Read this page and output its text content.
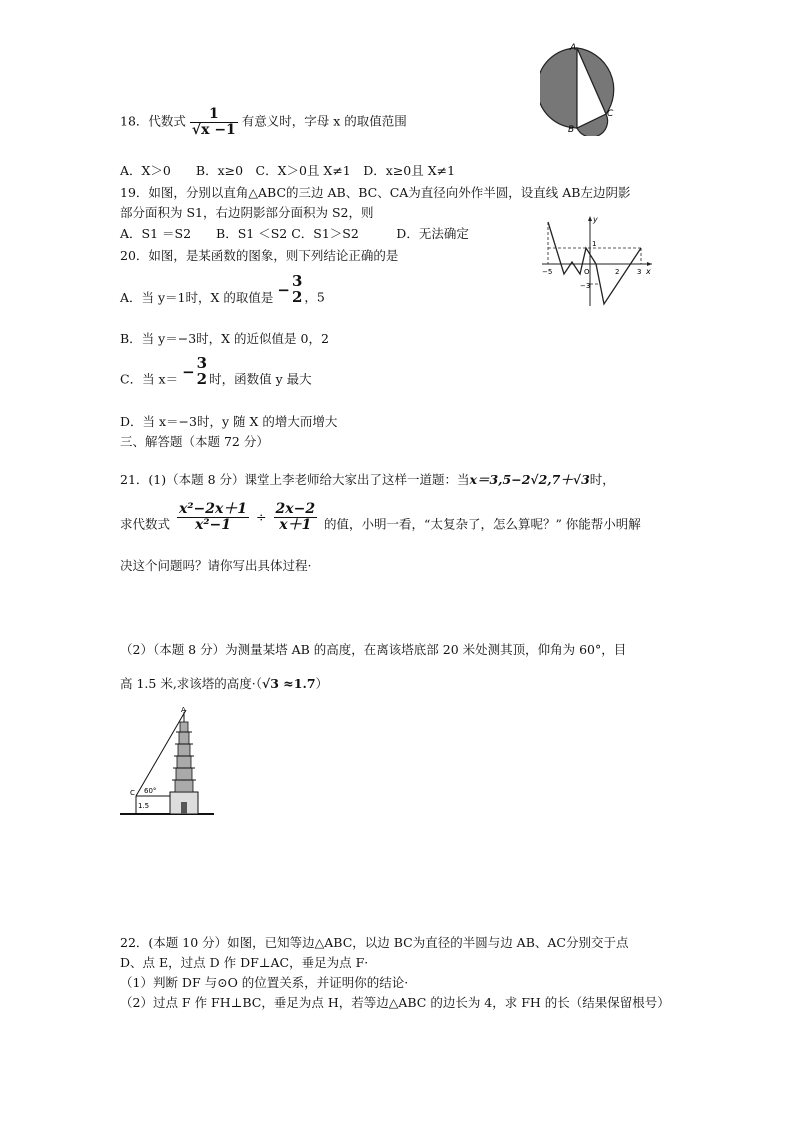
A
B
C
18．代数式 $\frac{1}{√x -1}$ 有意义时，字母 x 的取值范围
A．X＞0　　B．x≥0　C．X＞0且 X≠1　D．x≥0且 X≠1
19．如图，分别以直角△ABC的三边 AB、BC、CA为直径向外作半圆，设直线 AB左边阴影
部分面积为 S1，右边阴影部分面积为 S2，则
A．S1 ＝S2　　B．S1 ＜S2 C．S1＞S2　　　D．无法确定
y
x
−5	2	3
1
−3
O
20．如图，是某函数的图象，则下列结论正确的是
A．当 y＝1时，X 的取值是 − 3
2 ，5
B．当 y＝−3时，X 的近似值是 0，2
C．当 x＝ − 3
2 时，函数值 y 最大
D．当 x＝−3时，y 随 X 的增大而增大
三、解答题（本题 72 分）
21．(1)（本题 8 分）课堂上李老师给大家出了这样一道题：当x＝3,5−2√2,7＋√3时，
求代数式 $\frac{\text{x²−2x＋1}}{\text{x²−1}} \div \frac{2x-2}{x+1}$ 的值，小明一看，“太复杂了，怎么算呢？” 你能帮小明解
决这个问题吗？请你写出具体过程·
（2）（本题 8 分）为测量某塔 AB 的高度，在离该塔底部 20 米处测其顶，仰角为 60°，目
高 1.5 米,求该塔的高度·（√3 ≈1.7）
A
C 60°
1.5
22．(本题 10 分）如图，已知等边△ABC，以边 BC为直径的半圆与边 AB、AC分别交于点
D、点 E，过点 D 作 DF⊥AC，垂足为点 F·
（1）判断 DF 与⊙O 的位置关系，并证明你的结论·
（2）过点 F 作 FH⊥BC，垂足为点 H，若等边△ABC 的边长为 4，求 FH 的长（结果保留根号）
